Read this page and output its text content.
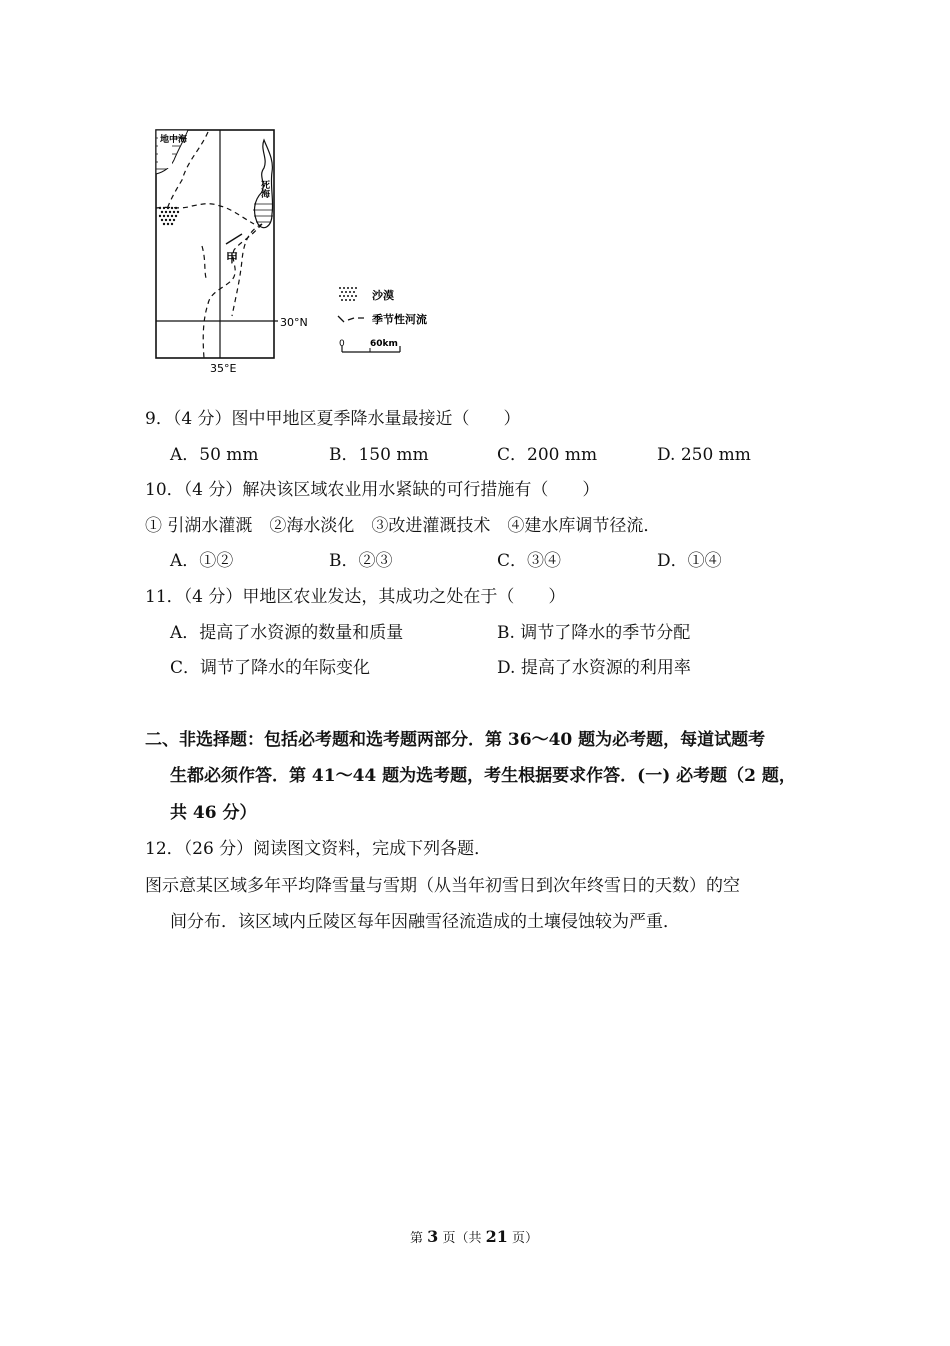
地中海
死海
甲
30°N
35°E
沙漠
季节性河流
0	60km
9．（4 分）图中甲地区夏季降水量最接近（　　）
A．50 mm	B．150 mm	C．200 mm	D. 250 mm
10．（4 分）解决该区域农业用水紧缺的可行措施有（　　）
① 引湖水灌溉　②海水淡化　③改进灌溉技术　④建水库调节径流．
A．①②	B．②③	C．③④	D．①④
11．（4 分）甲地区农业发达，其成功之处在于（　　）
A．提高了水资源的数量和质量	B. 调节了降水的季节分配
C．调节了降水的年际变化	D. 提高了水资源的利用率
二、非选择题：包括必考题和选考题两部分．第 36～40 题为必考题，每道试题考
生都必须作答．第 41～44 题为选考题，考生根据要求作答．(一) 必考题（2 题，
共 46 分）
12．（26 分）阅读图文资料，完成下列各题．
图示意某区域多年平均降雪量与雪期（从当年初雪日到次年终雪日的天数）的空
间分布．该区域内丘陵区每年因融雪径流造成的土壤侵蚀较为严重．
第 3 页（共 21 页）
